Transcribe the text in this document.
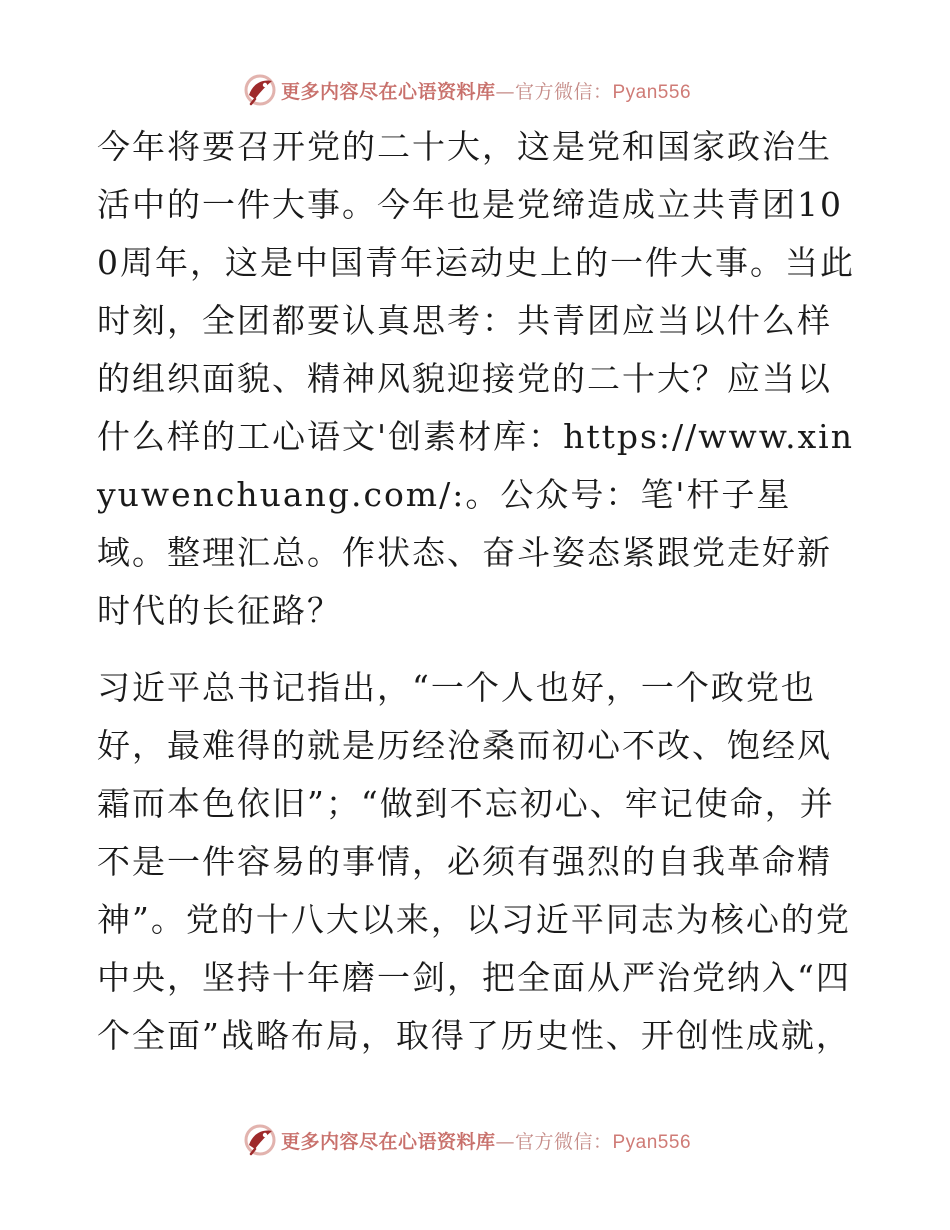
更多内容尽在心语资料库—官方微信：Pyan556

今年将要召开党的二十大，这是党和国家政治生活中的一件大事。今年也是党缔造成立共青团100周年，这是中国青年运动史上的一件大事。当此时刻，全团都要认真思考：共青团应当以什么样的组织面貌、精神风貌迎接党的二十大？应当以什么样的工心语文'创素材库：https://www.xinyuwenchuang.com/:。公众号：笔'杆子星域。整理汇总。作状态、奋斗姿态紧跟党走好新时代的长征路？

习近平总书记指出，“一个人也好，一个政党也好，最难得的就是历经沧桑而初心不改、饱经风霜而本色依旧”；“做到不忘初心、牢记使命，并不是一件容易的事情，必须有强烈的自我革命精神”。党的十八大以来，以习近平同志为核心的党中央，坚持十年磨一剑，把全面从严治党纳入“四个全面”战略布局，取得了历史性、开创性成就，

更多内容尽在心语资料库—官方微信：Pyan556
